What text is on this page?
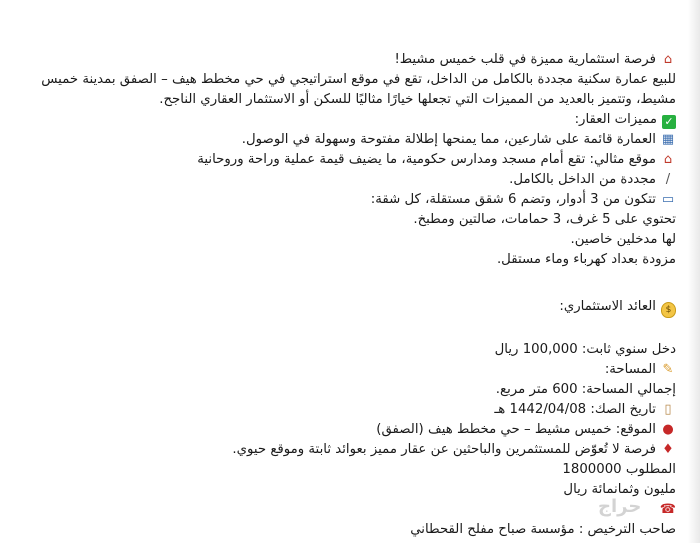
⌂فرصة استثمارية مميزة في قلب خميس مشيط!
للبيع عمارة سكنية مجددة بالكامل من الداخل، تقع في موقع استراتيجي في حي مخطط هيف – الصفق بمدينة خميس مشيط، وتتميز بالعديد من المميزات التي تجعلها خيارًا مثاليًا للسكن أو الاستثمار العقاري الناجح.
✓مميزات العقار:
▦العمارة قائمة على شارعين، مما يمنحها إطلالة مفتوحة وسهولة في الوصول.
⌂موقع مثالي: تقع أمام مسجد ومدارس حكومية، ما يضيف قيمة عملية وراحة وروحانية
/مجددة من الداخل بالكامل.
▭تتكون من 3 أدوار، وتضم 6 شقق مستقلة، كل شقة:
تحتوي على 5 غرف، 3 حمامات، صالتين ومطبخ.
لها مدخلين خاصين.
مزودة بعداد كهرباء وماء مستقل.
$العائد الاستثماري:
دخل سنوي ثابت: 100,000 ريال
✎المساحة:
إجمالي المساحة: 600 متر مربع.
▯تاريخ الصك: 1442/04/08 هـ
●الموقع: خميس مشيط – حي مخطط هيف (الصفق)
♦فرصة لا تُعوّض للمستثمرين والباحثين عن عقار مميز بعوائد ثابتة وموقع حيوي.
المطلوب 1800000
مليون وثمانمائة ريال
☎
صاحب الترخيص : مؤسسة صباح مفلح القحطاني
حراج
